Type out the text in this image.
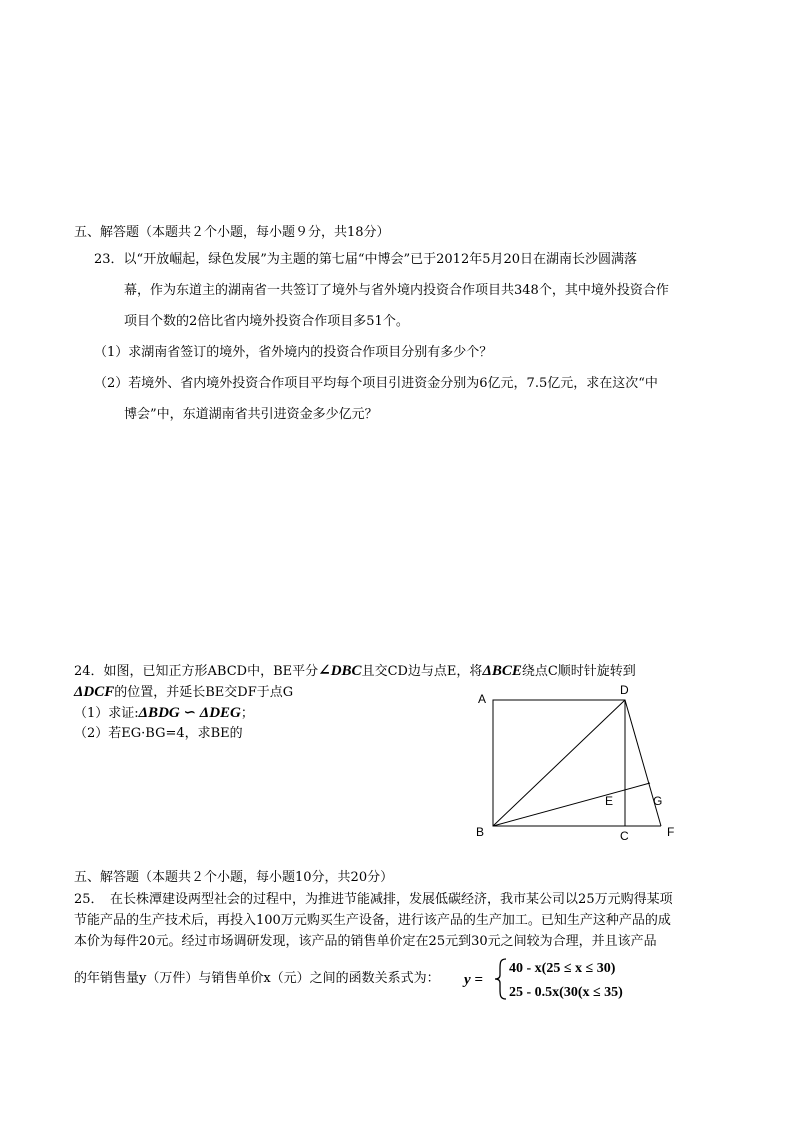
五、解答题（本题共２个小题，每小题９分，共18分）
23．以“开放崛起，绿色发展”为主题的第七届“中博会”已于2012年5月20日在湖南长沙圆满落
幕，作为东道主的湖南省一共签订了境外与省外境内投资合作项目共348个，其中境外投资合作
项目个数的2倍比省内境外投资合作项目多51个。
（1）求湖南省签订的境外，省外境内的投资合作项目分别有多少个？
（2）若境外、省内境外投资合作项目平均每个项目引进资金分别为6亿元，7.5亿元，求在这次“中
博会”中，东道湖南省共引进资金多少亿元？
24．如图，已知正方形ABCD中，BE平分∠DBC且交CD边与点E，将ΔBCE绕点C顺时针旋转到
ΔDCF的位置，并延长BE交DF于点G
（1）求证:ΔBDG ∽ ΔDEG；
（2）若EG·BG=4，求BE的
A
D
B	C	F
G
E
五、解答题（本题共２个小题，每小题10分，共20分）
25．　在长株潭建设两型社会的过程中，为推进节能减排，发展低碳经济，我市某公司以25万元购得某项
节能产品的生产技术后，再投入100万元购买生产设备，进行该产品的生产加工。已知生产这种产品的成
本价为每件20元。经过市场调研发现，该产品的销售单价定在25元到30元之间较为合理，并且该产品
的年销售量y（万件）与销售单价x（元）之间的函数关系式为： y =
40 - x(25 ≤ x ≤ 30)
25 - 0.5x(30(x ≤ 35)
